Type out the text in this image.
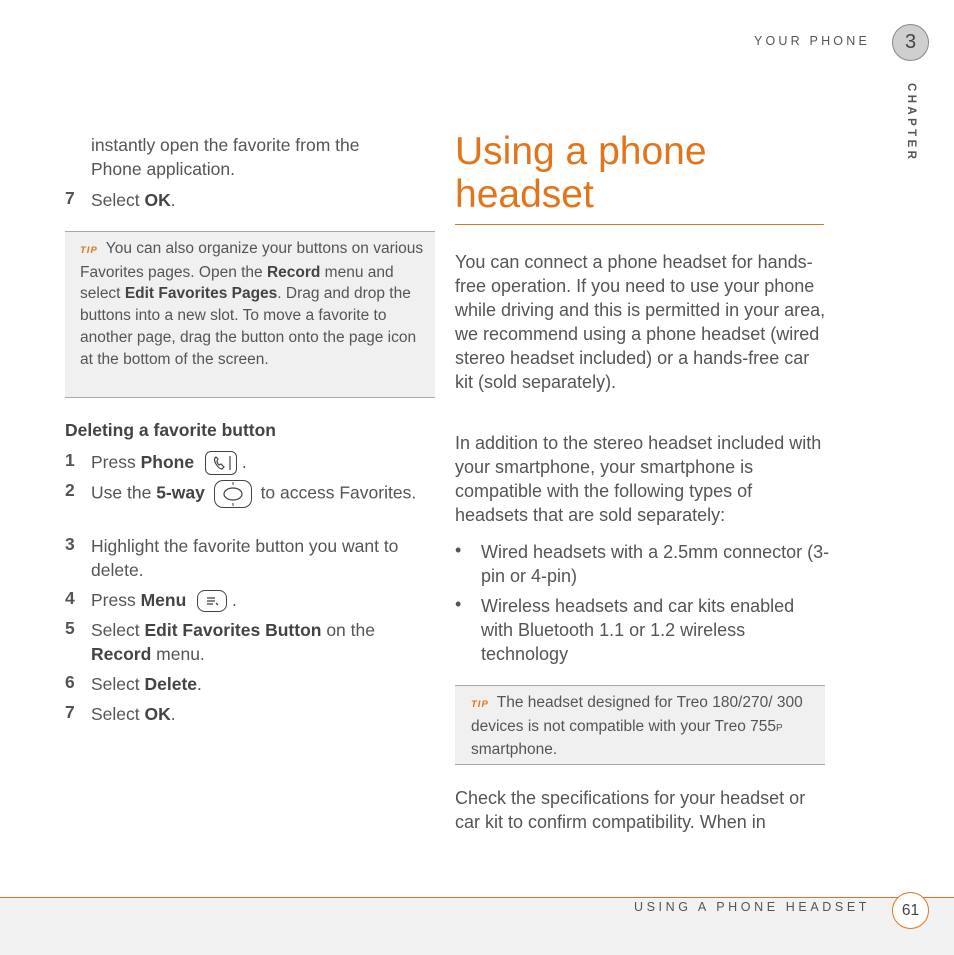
YOUR PHONE	3
CHAPTER
instantly open the favorite from the Phone application.
7 Select OK.
TIP You can also organize your buttons on various Favorites pages. Open the Record menu and select Edit Favorites Pages. Drag and drop the buttons into a new slot. To move a favorite to another page, drag the button onto the page icon at the bottom of the screen.
Deleting a favorite button
1 Press Phone  .
2 Use the 5-way	to access Favorites.
3 Highlight the favorite button you want to delete.
4 Press Menu  .
5 Select Edit Favorites Button on the Record menu.
6 Select Delete.
7 Select OK.
Using a phone
headset
You can connect a phone headset for hands-free operation. If you need to use your phone while driving and this is permitted in your area, we recommend using a phone headset (wired stereo headset included) or a hands-free car kit (sold separately).
In addition to the stereo headset included with your smartphone, your smartphone is compatible with the following types of headsets that are sold separately:
• Wired headsets with a 2.5mm connector (3-pin or 4-pin)
• Wireless headsets and car kits enabled with Bluetooth 1.1 or 1.2 wireless technology
TIP The headset designed for Treo 180/270/ 300 devices is not compatible with your Treo 755P smartphone.
Check the specifications for your headset or car kit to confirm compatibility. When in
USING A PHONE HEADSET	61
